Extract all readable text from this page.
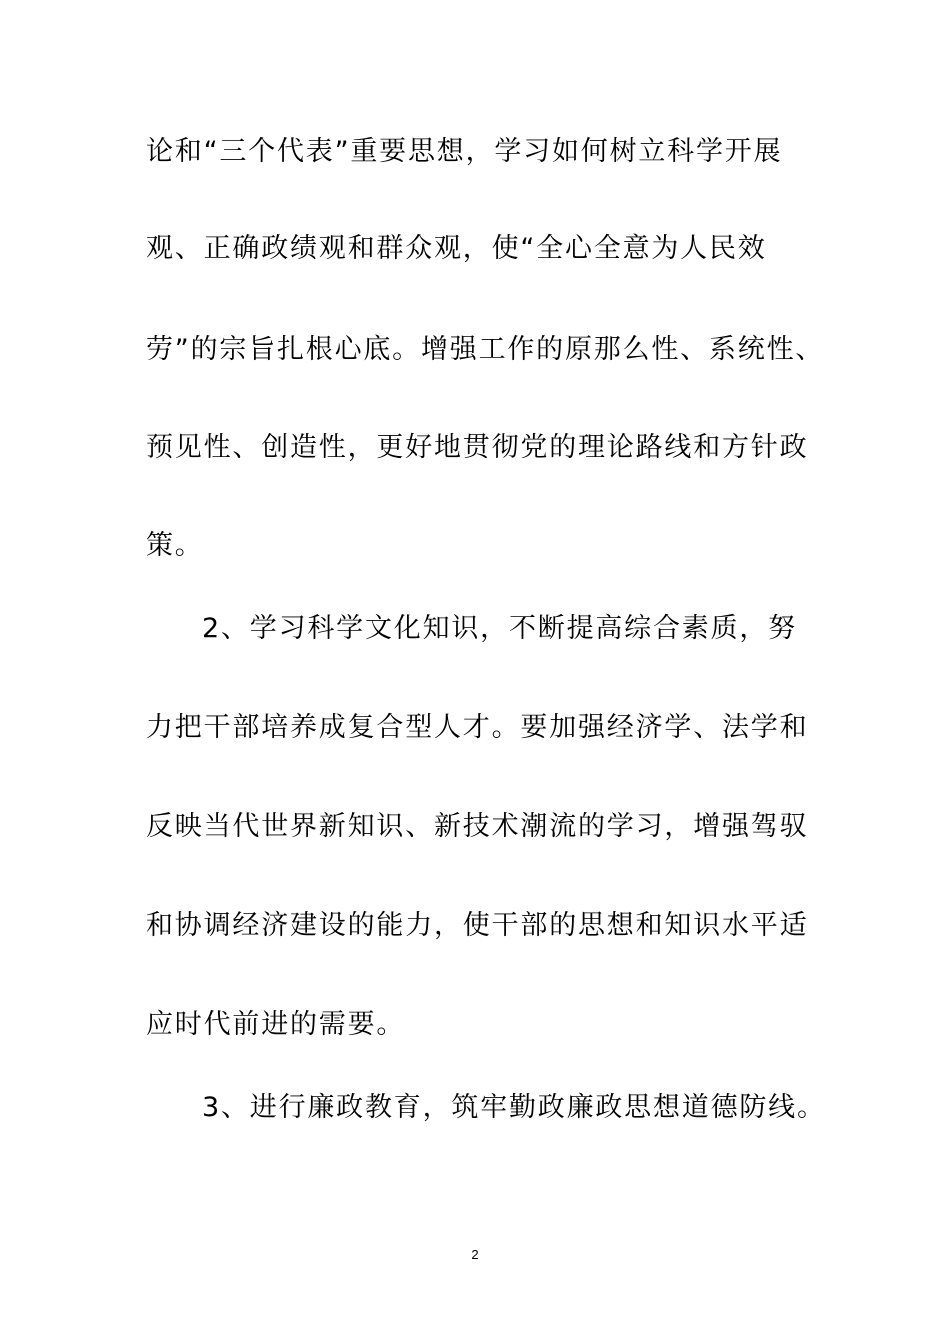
论和“三个代表”重要思想，学习如何树立科学开展
观、正确政绩观和群众观，使“全心全意为人民效
劳”的宗旨扎根心底。增强工作的原那么性、系统性、
预见性、创造性，更好地贯彻党的理论路线和方针政
策。
2、学习科学文化知识，不断提高综合素质，努
力把干部培养成复合型人才。要加强经济学、法学和
反映当代世界新知识、新技术潮流的学习，增强驾驭
和协调经济建设的能力，使干部的思想和知识水平适
应时代前进的需要。
3、进行廉政教育，筑牢勤政廉政思想道德防线。
2
